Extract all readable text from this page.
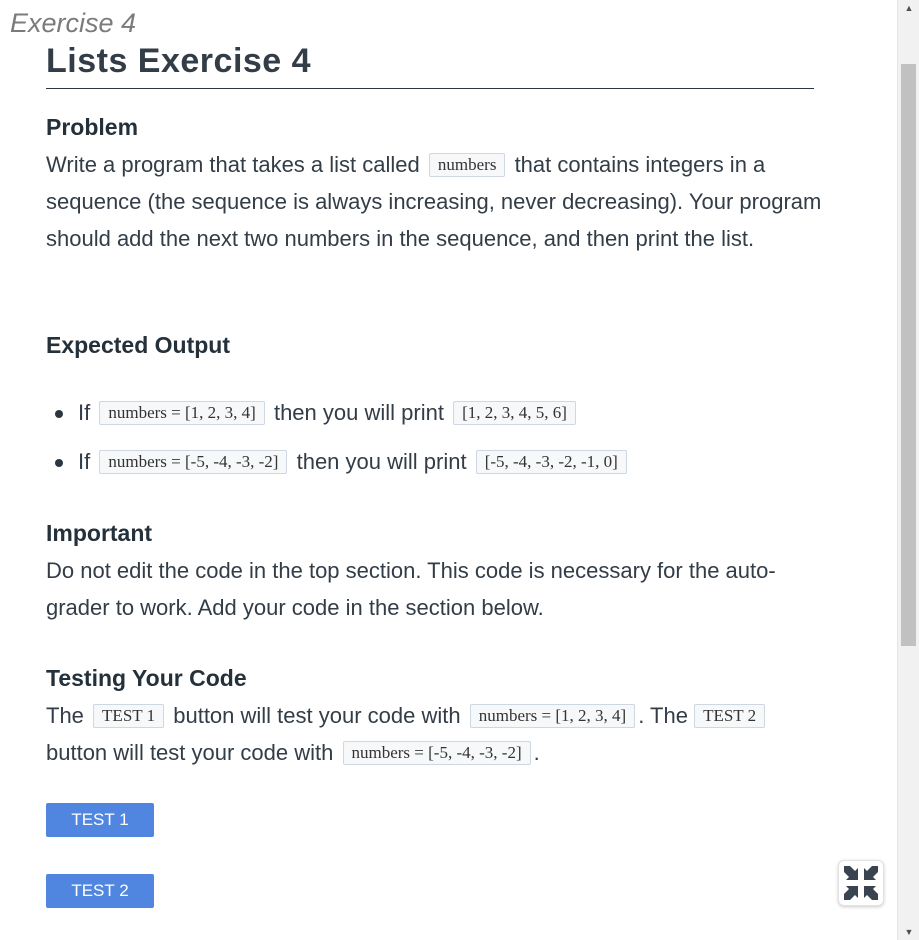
Exercise 4
Lists Exercise 4
Problem

Write a program that takes a list called numbers that contains integers in a sequence (the sequence is always increasing, never decreasing). Your program should add the next two numbers in the sequence, and then print the list.

Expected Output
If numbers = [1, 2, 3, 4] then you will print [1, 2, 3, 4, 5, 6]
If numbers = [-5, -4, -3, -2] then you will print [-5, -4, -3, -2, -1, 0]
Important

Do not edit the code in the top section. This code is necessary for the auto-grader to work. Add your code in the section below.

Testing Your Code

The TEST 1 button will test your code with numbers = [1, 2, 3, 4] . The TEST 2 button will test your code with numbers = [-5, -4, -3, -2] .

TEST 1
TEST 2
▲
▼
